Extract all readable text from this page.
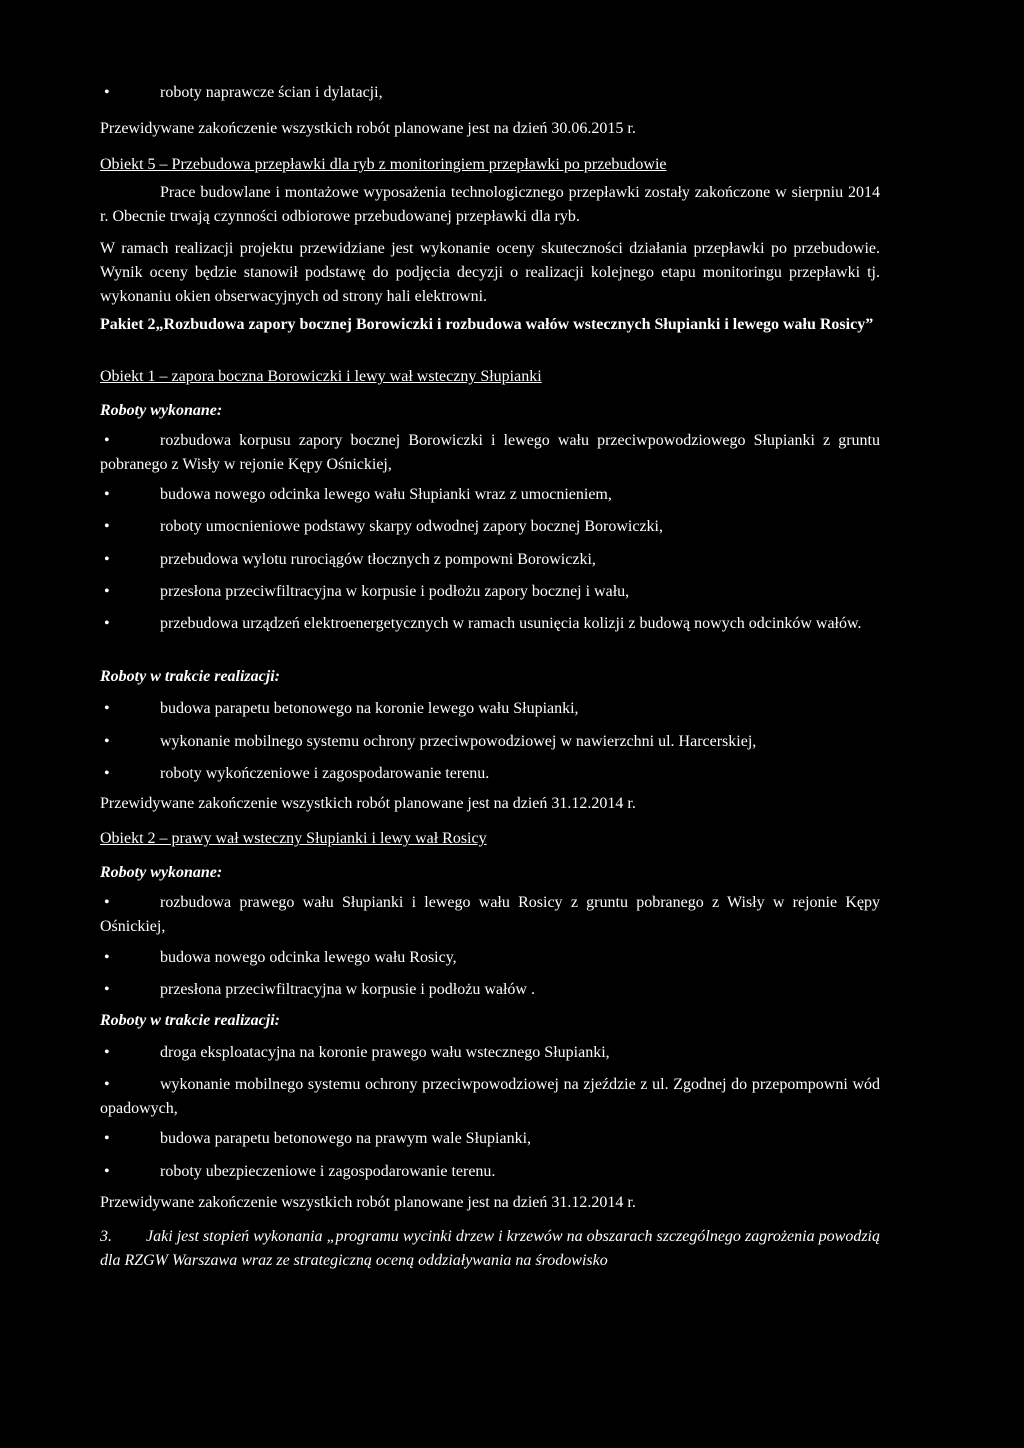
• roboty naprawcze ścian i dylatacji,

Przewidywane zakończenie wszystkich robót planowane jest na dzień 30.06.2015 r.

Obiekt 5 – Przebudowa przepławki dla ryb z monitoringiem przepławki po przebudowie

Prace budowlane i montażowe wyposażenia technologicznego przepławki zostały zakończone w sierpniu 2014 r. Obecnie trwają czynności odbiorowe przebudowanej przepławki dla ryb.

W ramach realizacji projektu przewidziane jest wykonanie oceny skuteczności działania przepławki po przebudowie. Wynik oceny będzie stanowił podstawę do podjęcia decyzji o realizacji kolejnego etapu monitoringu przepławki tj. wykonaniu okien obserwacyjnych od strony hali elektrowni.

Pakiet 2„Rozbudowa zapory bocznej Borowiczki i rozbudowa wałów wstecznych Słupianki i lewego wału Rosicy”

Obiekt 1 – zapora boczna Borowiczki i lewy wał wsteczny Słupianki

Roboty wykonane:

• rozbudowa korpusu zapory bocznej Borowiczki i lewego wału przeciwpowodziowego Słupianki z gruntu pobranego z Wisły w rejonie Kępy Ośnickiej,
• budowa nowego odcinka lewego wału Słupianki wraz z umocnieniem,
• roboty umocnieniowe podstawy skarpy odwodnej zapory bocznej Borowiczki,
• przebudowa wylotu rurociągów tłocznych z pompowni Borowiczki,
• przesłona przeciwfiltracyjna w korpusie i podłożu zapory bocznej i wału,
• przebudowa urządzeń elektroenergetycznych w ramach usunięcia kolizji z budową nowych odcinków wałów.

Roboty w trakcie realizacji:

• budowa parapetu betonowego na koronie lewego wału Słupianki,
• wykonanie mobilnego systemu ochrony przeciwpowodziowej w nawierzchni ul. Harcerskiej,
• roboty wykończeniowe i zagospodarowanie terenu.

Przewidywane zakończenie wszystkich robót planowane jest na dzień 31.12.2014 r.

Obiekt 2 – prawy wał wsteczny Słupianki i lewy wał Rosicy

Roboty wykonane:

• rozbudowa prawego wału Słupianki i lewego wału Rosicy z gruntu pobranego z Wisły w rejonie Kępy Ośnickiej,
• budowa nowego odcinka lewego wału Rosicy,
• przesłona przeciwfiltracyjna w korpusie i podłożu wałów .

Roboty w trakcie realizacji:

• droga eksploatacyjna na koronie prawego wału wstecznego Słupianki,
• wykonanie mobilnego systemu ochrony przeciwpowodziowej na zjeździe z ul. Zgodnej do przepompowni wód opadowych,
• budowa parapetu betonowego na prawym wale Słupianki,
• roboty ubezpieczeniowe i zagospodarowanie terenu.

Przewidywane zakończenie wszystkich robót planowane jest na dzień 31.12.2014 r.

3. Jaki jest stopień wykonania „programu wycinki drzew i krzewów na obszarach szczególnego zagrożenia powodzią dla RZGW Warszawa wraz ze strategiczną oceną oddziaływania na środowisko
